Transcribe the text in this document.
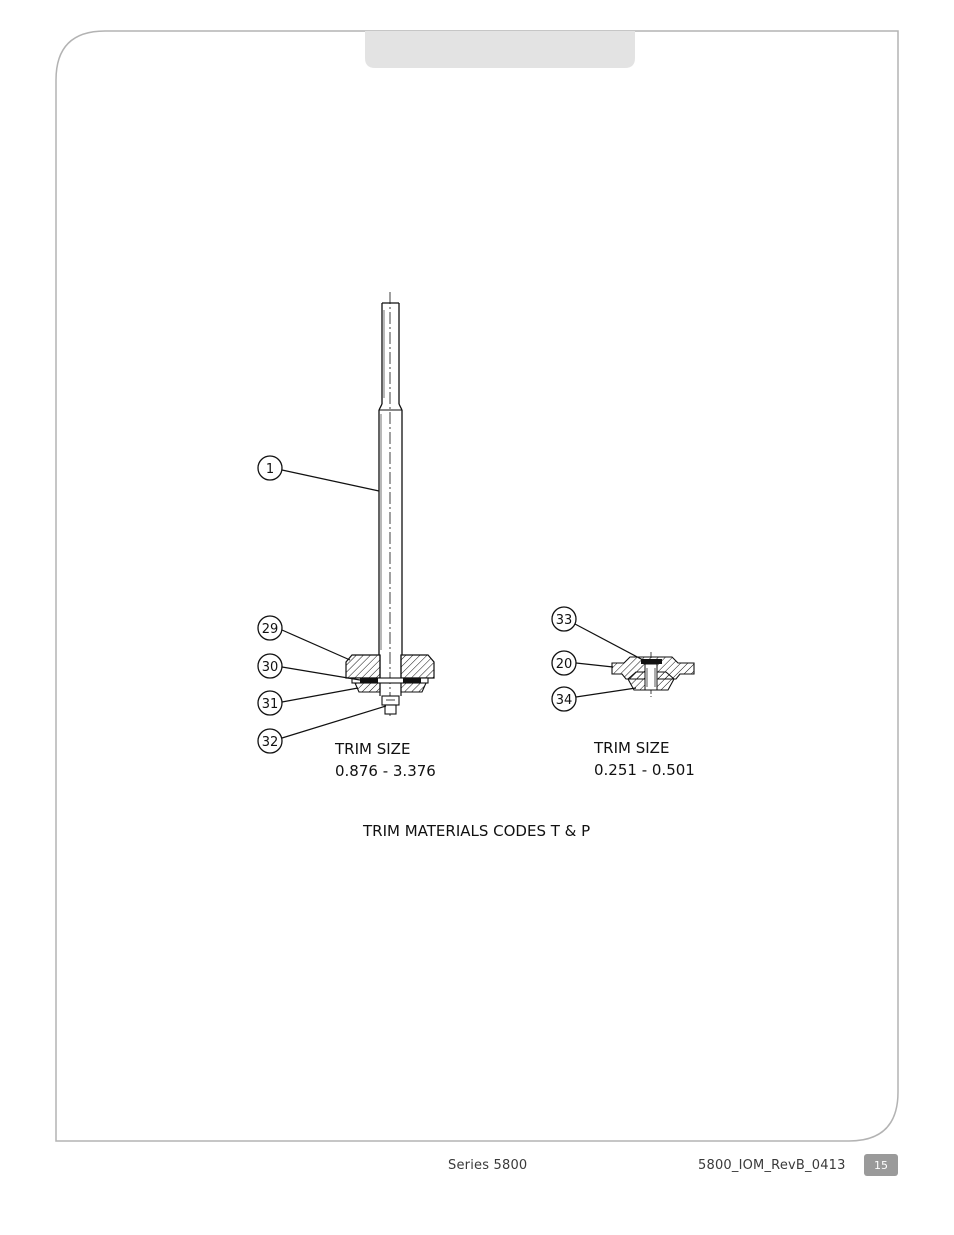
1
29
30
31
32
33
20
34
TRIM SIZE
0.876 - 3.376
TRIM SIZE
0.251 - 0.501
TRIM MATERIALS CODES T & P
Series 5800	5800_IOM_RevB_0413	15
